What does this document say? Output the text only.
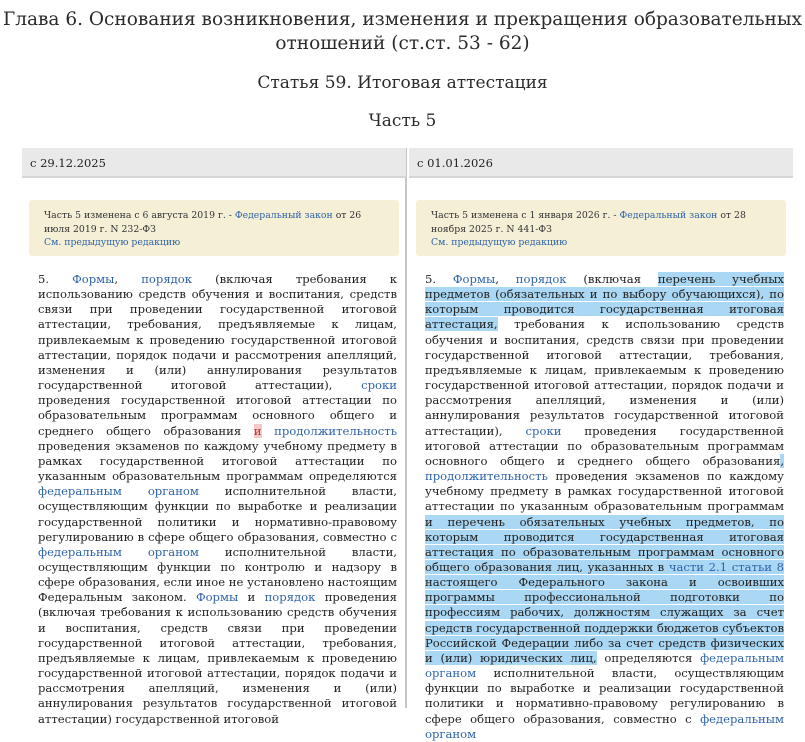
Глава 6. Основания возникновения, изменения и прекращения образовательных отношений (ст.ст. 53 - 62)
Статья 59. Итоговая аттестация
Часть 5
с 29.12.2025
Часть 5 изменена с 6 августа 2019 г. - Федеральный закон от 26 июля 2019 г. N 232-ФЗ
См. предыдущую редакцию
5. Формы, порядок (включая требования к использованию средств обучения и воспитания, средств связи при проведении государственной итоговой аттестации, требования, предъявляемые к лицам, привлекаемым к проведению государственной итоговой аттестации, порядок подачи и рассмотрения апелляций, изменения и (или) аннулирования результатов государственной итоговой аттестации), сроки проведения государственной итоговой аттестации по образовательным программам основного общего и среднего общего образования и продолжительность проведения экзаменов по каждому учебному предмету в рамках государственной итоговой аттестации по указанным образовательным программам определяются федеральным органом исполнительной власти, осуществляющим функции по выработке и реализации государственной политики и нормативно-правовому регулированию в сфере общего образования, совместно с федеральным органом исполнительной власти, осуществляющим функции по контролю и надзору в сфере образования, если иное не установлено настоящим Федеральным законом. Формы и порядок проведения (включая требования к использованию средств обучения и воспитания, средств связи при проведении государственной итоговой аттестации, требования, предъявляемые к лицам, привлекаемым к проведению государственной итоговой аттестации, порядок подачи и рассмотрения апелляций, изменения и (или) аннулирования результатов государственной итоговой аттестации) государственной итоговой
с 01.01.2026
Часть 5 изменена с 1 января 2026 г. - Федеральный закон от 28 ноября 2025 г. N 441-ФЗ
См. предыдущую редакцию
5. Формы, порядок (включая перечень учебных предметов (обязательных и по выбору обучающихся), по которым проводится государственная итоговая аттестация, требования к использованию средств обучения и воспитания, средств связи при проведении государственной итоговой аттестации, требования, предъявляемые к лицам, привлекаемым к проведению государственной итоговой аттестации, порядок подачи и рассмотрения апелляций, изменения и (или) аннулирования результатов государственной итоговой аттестации), сроки проведения государственной итоговой аттестации по образовательным программам основного общего и среднего общего образования, продолжительность проведения экзаменов по каждому учебному предмету в рамках государственной итоговой аттестации по указанным образовательным программам и перечень обязательных учебных предметов, по которым проводится государственная итоговая аттестация по образовательным программам основного общего образования лиц, указанных в части 2.1 статьи 8 настоящего Федерального закона и освоивших программы профессиональной подготовки по профессиям рабочих, должностям служащих за счет средств государственной поддержки бюджетов субъектов Российской Федерации либо за счет средств физических и (или) юридических лиц, определяются федеральным органом исполнительной власти, осуществляющим функции по выработке и реализации государственной политики и нормативно-правовому регулированию в сфере общего образования, совместно с федеральным органом
